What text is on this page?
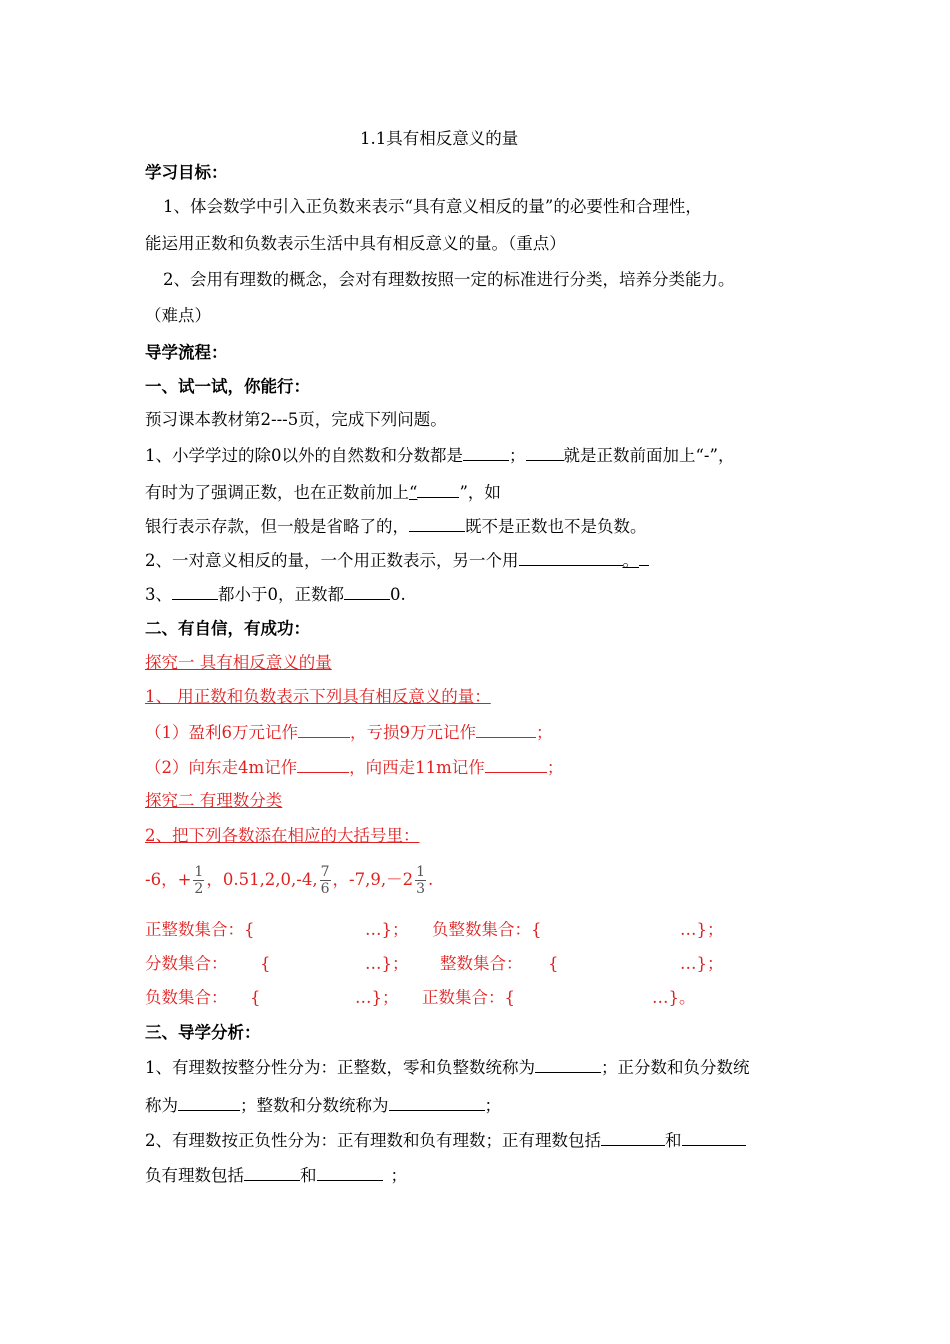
1.1具有相反意义的量
学习目标：
1、体会数学中引入正负数来表示“具有意义相反的量”的必要性和合理性，
能运用正数和负数表示生活中具有相反意义的量。（重点）
2、会用有理数的概念，会对有理数按照一定的标准进行分类，培养分类能力。
（难点）
导学流程：
一、试一试，你能行：
预习课本教材第2---5页，完成下列问题。
1、小学学过的除0以外的自然数和分数都是	； 就是正数前面加上“-”，
有时为了强调正数，也在正数前加上“	”，如
银行表示存款，但一般是省略了的，	既不是正数也不是负数。
2、一对意义相反的量，一个用正数表示，另一个用	。
3、	都小于0，正数都	0.
二、有自信，有成功：
探究一 具有相反意义的量
1、 用正数和负数表示下列具有相反意义的量：
（1）盈利6万元记作	，亏损9万元记作	；
（2）向东走4m记作	，向西走11m记作	；
探究二 有理数分类
2、把下列各数添在相应的大括号里：
-6，+ $\frac{1}{2}$ ，0.51,2,0,-4, $\frac{7}{6}$ ，$-7,9,-2 \frac{1}{3}$ .
正整数集合：{	…}； 负整数集合：{	…}；
分数集合： {	…}； 整数集合： {	…}；
负数集合： {	…}； 正数集合：{	…}。
三、导学分析：
1、有理数按整分性分为：正整数，零和负整数统称为	；正分数和负分数统
称为	；整数和分数统称为	；
2、有理数按正负性分为：正有理数和负有理数；正有理数包括	和
负有理数包括	和	；
